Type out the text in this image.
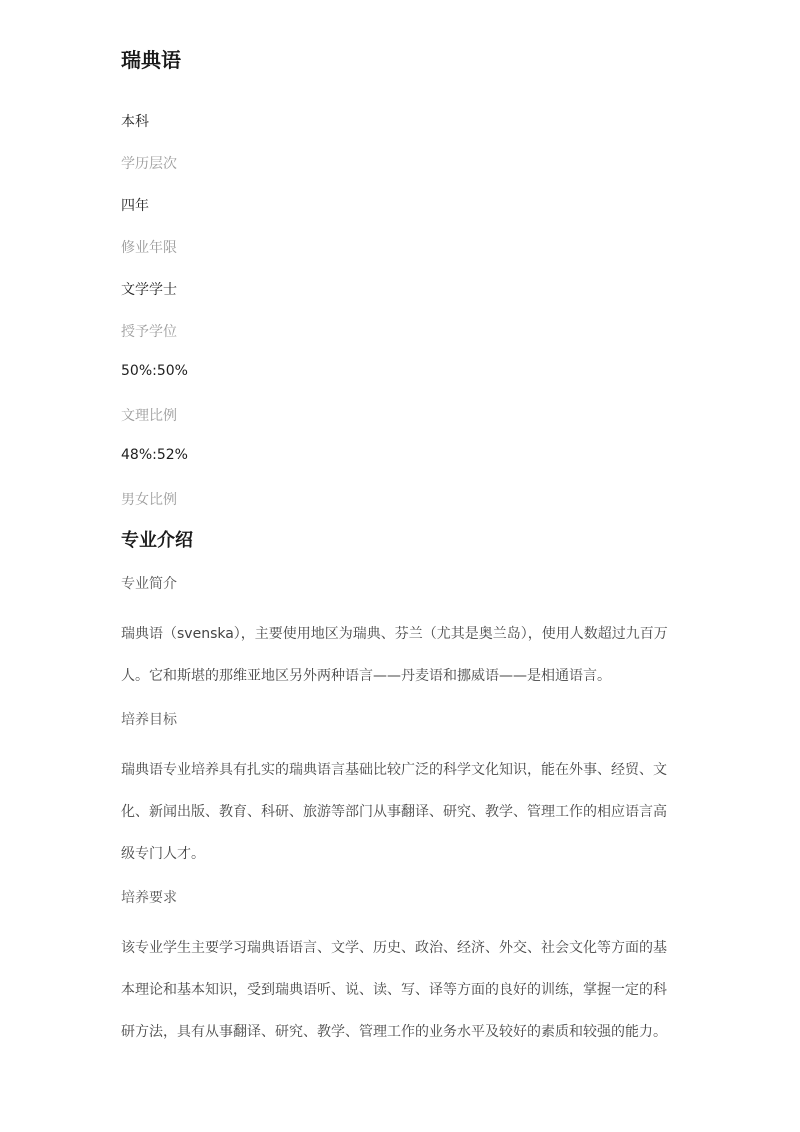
瑞典语
本科
学历层次
四年
修业年限
文学学士
授予学位
50%:50%
文理比例
48%:52%
男女比例
专业介绍
专业简介

瑞典语（svenska），主要使用地区为瑞典、芬兰（尤其是奥兰岛），使用人数超过九百万人。它和斯堪的那维亚地区另外两种语言——丹麦语和挪威语——是相通语言。

培养目标

瑞典语专业培养具有扎实的瑞典语言基础比较广泛的科学文化知识，能在外事、经贸、文化、新闻出版、教育、科研、旅游等部门从事翻译、研究、教学、管理工作的相应语言高级专门人才。

培养要求

该专业学生主要学习瑞典语语言、文学、历史、政治、经济、外交、社会文化等方面的基本理论和基本知识，受到瑞典语听、说、读、写、译等方面的良好的训练，掌握一定的科研方法，具有从事翻译、研究、教学、管理工作的业务水平及较好的素质和较强的能力。
